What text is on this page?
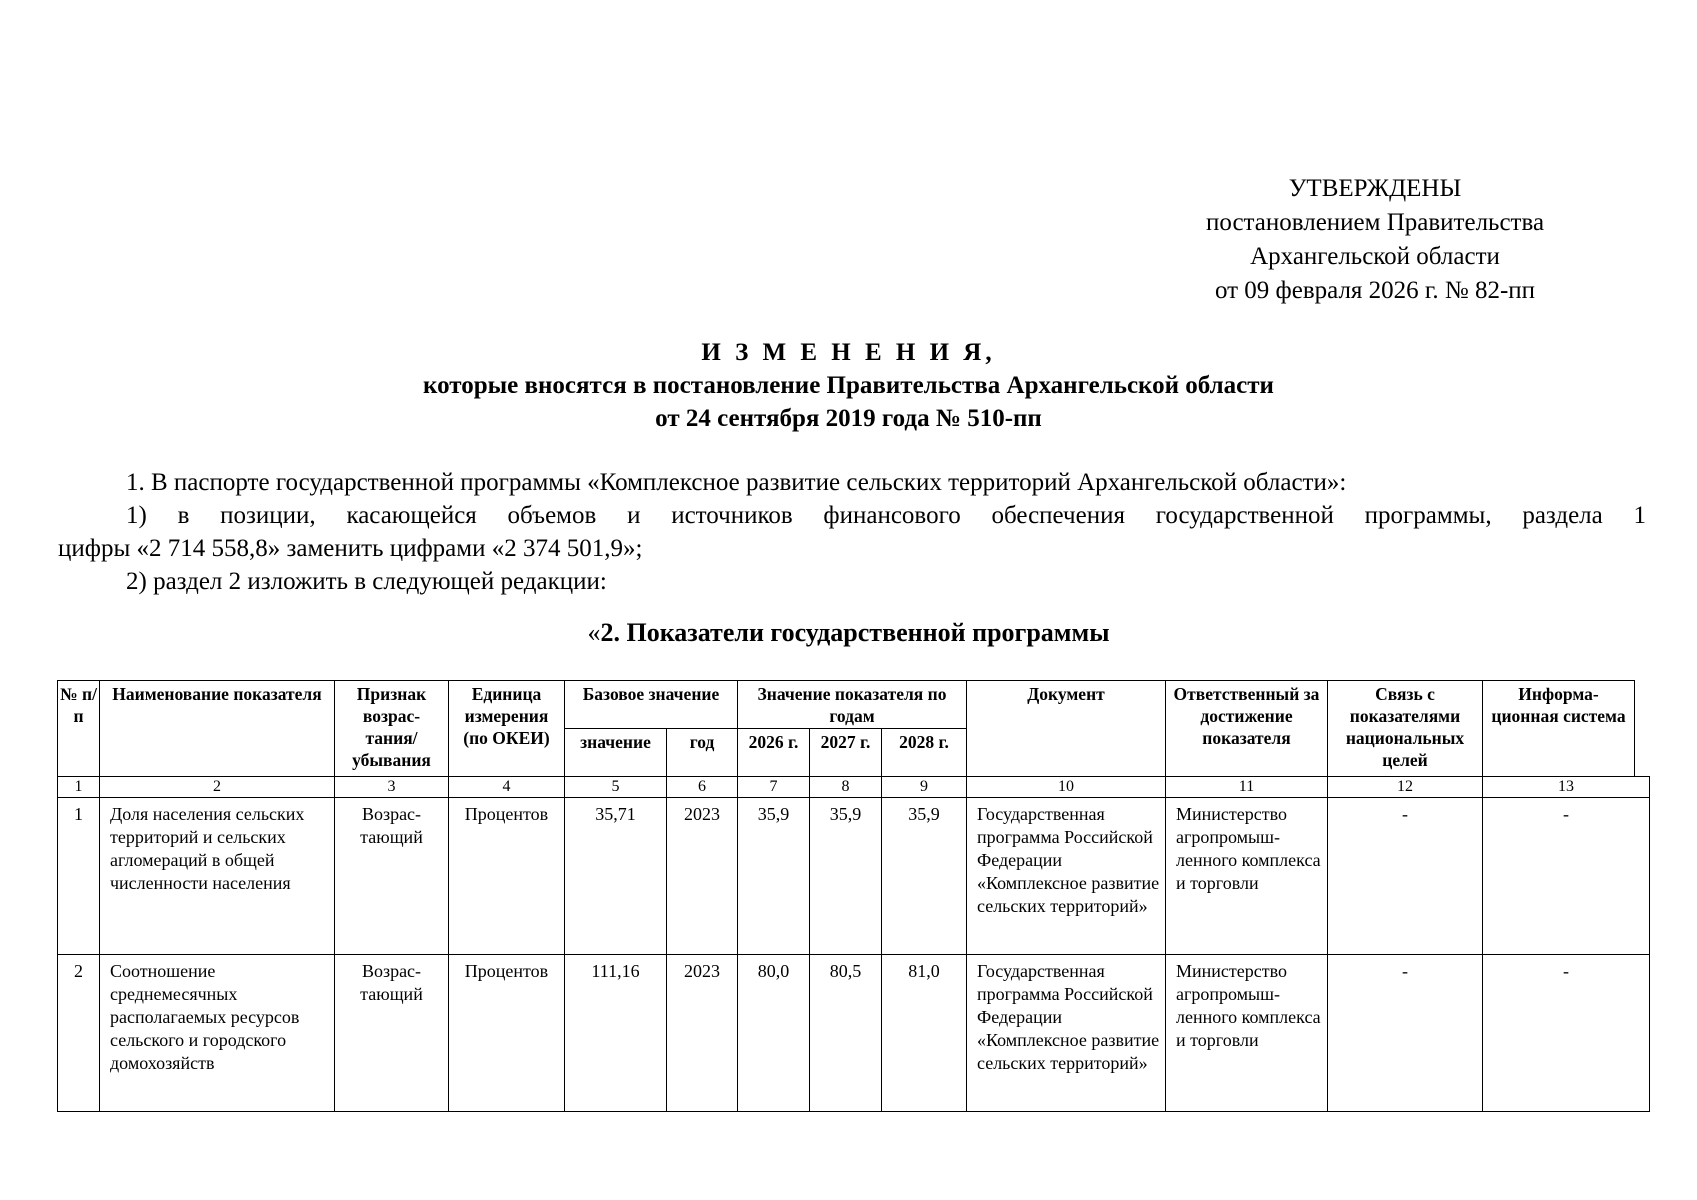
УТВЕРЖДЕНЫ
постановлением Правительства
Архангельской области
от 09 февраля 2026 г. № 82-пп
И З М Е Н Е Н И Я,
которые вносятся в постановление Правительства Архангельской области
от 24 сентября 2019 года № 510-пп

1. В паспорте государственной программы «Комплексное развитие сельских территорий Архангельской области»:

1) в позиции, касающейся объемов и источников финансового обеспечения государственной программы, раздела 1

цифры «2 714 558,8» заменить цифрами «2 374 501,9»;

2) раздел 2 изложить в следующей редакции:

«2. Показатели государственной программы
№ п/п	Наименование показателя	Признак возрас-тания/ убывания	Единица измерения (по ОКЕИ)	Базовое значение		Значение показателя по годам			Документ	Ответственный за достижение показателя	Связь с показателями национальных целей	Информа-ционная система
				значение	год	2026 г.	2027 г.	2028 г.				
1	2	3	4	5	6	7	8	9	10	11	12	13
1	Доля населения сельских территорий и сельских агломераций в общей численности населения	Возрас-тающий	Процентов	35,71	2023	35,9	35,9	35,9	Государственная программа Российской Федерации «Комплексное развитие сельских территорий»	Министерство агропромыш-ленного комплекса и торговли	-	-
2	Соотношение среднемесячных располагаемых ресурсов сельского и городского домохозяйств	Возрас-тающий	Процентов	111,16	2023	80,0	80,5	81,0	Государственная программа Российской Федерации «Комплексное развитие сельских территорий»	Министерство агропромыш-ленного комплекса и торговли	-	-
